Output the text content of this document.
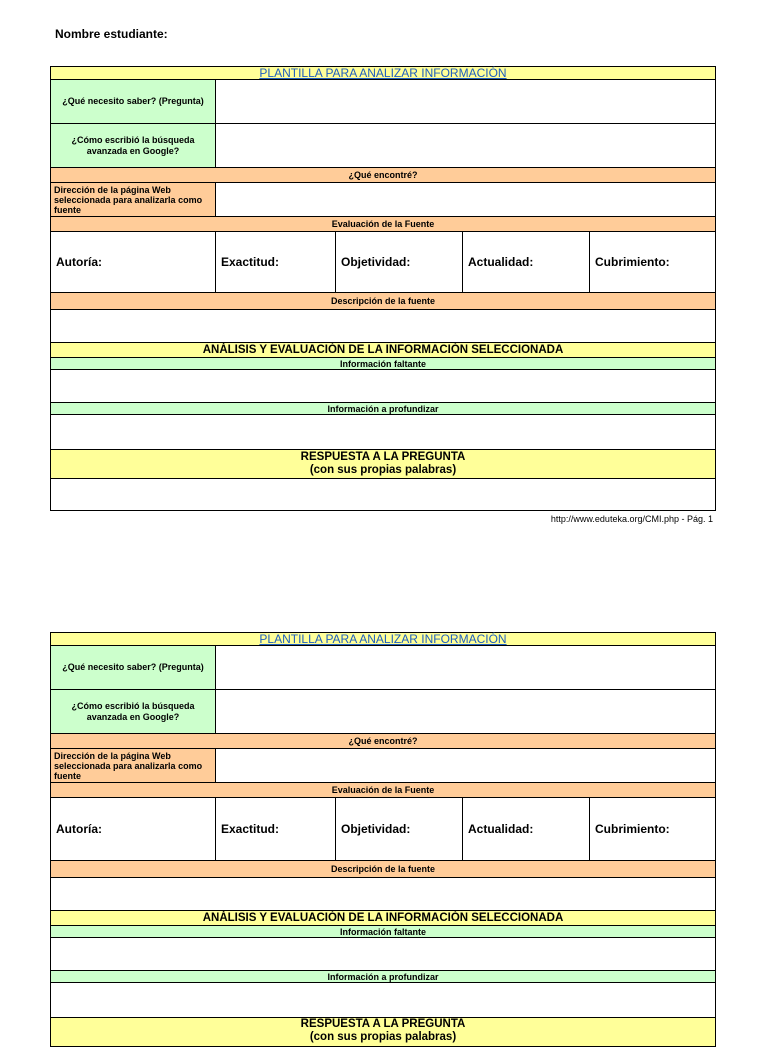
Nombre estudiante:
PLANTILLA PARA ANALIZAR INFORMACIÓN
¿Qué necesito saber? (Pregunta)
¿Cómo escribió la búsqueda avanzada en Google?
¿Qué encontré?
Dirección de la página Web seleccionada para analizarla como fuente
Evaluación de la Fuente
Autoría:	Exactitud:	Objetividad:	Actualidad:	Cubrimiento:
Descripción de la fuente
ANÁLISIS Y EVALUACIÓN DE LA INFORMACIÓN SELECCIONADA
Información faltante
Información a profundizar
RESPUESTA A LA PREGUNTA
(con sus propias palabras)
http://www.eduteka.org/CMI.php - Pág. 1
PLANTILLA PARA ANALIZAR INFORMACIÓN
¿Qué necesito saber? (Pregunta)
¿Cómo escribió la búsqueda avanzada en Google?
¿Qué encontré?
Dirección de la página Web seleccionada para analizarla como fuente
Evaluación de la Fuente
Autoría:	Exactitud:	Objetividad:	Actualidad:	Cubrimiento:
Descripción de la fuente
ANÁLISIS Y EVALUACIÓN DE LA INFORMACIÓN SELECCIONADA
Información faltante
Información a profundizar
RESPUESTA A LA PREGUNTA
(con sus propias palabras)
